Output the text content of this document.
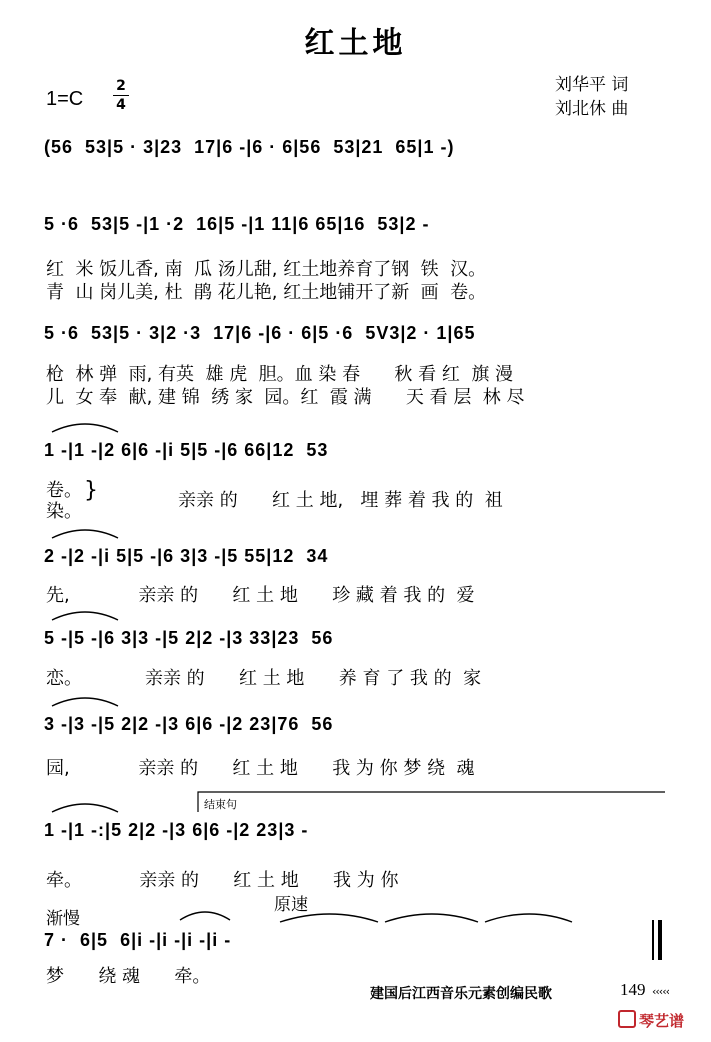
红土地
1=C
2
4
刘华平 词
刘北休 曲
(56  53|5 · 3|23  17|6 -|6 · 6|56  53|21  65|1 -)
5 ·6  53|5 -|1 ·2  16|5 -|1 11|6 65|16  53|2 -
红  米 饭儿香, 南  瓜 汤儿甜, 红土地养育了钢  铁  汉。
青  山 岗儿美, 杜  鹃 花儿艳, 红土地铺开了新  画  卷。
5 ·6  53|5 · 3|2 ·3  17|6 -|6 · 6|5 ·6  5V3|2 · 1|65
枪  林 弹  雨, 有英  雄 虎  胆。血 染 春      秋 看 红  旗 漫
儿  女 奉  献, 建 锦  绣 家  园。红  霞 满      天 看 层  林 尽
1 -|1 -|2 6|6 -|i 5|5 -|6 66|12  53
卷。
染。
}	亲亲 的      红 土 地,   埋 葬 着 我 的  祖
2 -|2 -|i 5|5 -|6 3|3 -|5 55|12  34
先,            亲亲 的      红 土 地      珍 藏 着 我 的  爱
5 -|5 -|6 3|3 -|5 2|2 -|3 33|23  56
恋。           亲亲 的      红 土 地      养 育 了 我 的  家
3 -|3 -|5 2|2 -|3 6|6 -|2 23|76  56
园,            亲亲 的      红 土 地      我 为 你 梦 绕  魂
结束句
1 -|1 -:|5 2|2 -|3 6|6 -|2 23|3 -
牵。          亲亲 的      红 土 地      我 为 你
渐慢
原速
7 ·  6|5  6|i -|i -|i -|i -
梦      绕 魂      牵。
建国后江西音乐元素创编民歌	149 ‹‹‹‹‹
琴艺谱
